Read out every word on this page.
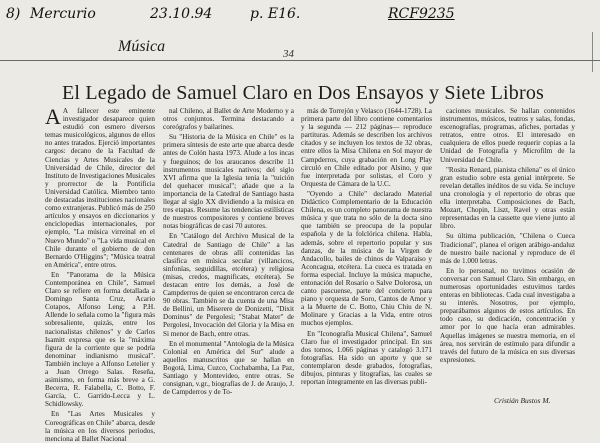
8) Mercurio	23.10.94	p. E16.	RCF9235
Música	34
El Legado de Samuel Claro en Dos Ensayos y Siete Libros

A A fallecer este eminente investigador desaparece quien estudió con esmero diversos temas musicológicos, algunos de ellos no antes tratados. Ejerció importantes cargos: decano de la Facultad de Ciencias y Artes Musicales de la Universidad de Chile, director del Instituto de Investigaciones Musicales y prorrector de la Pontificia Universidad Católica. Miembro tanto de destacadas instituciones nacionales como extranjeras. Publicó más de 250 artículos y ensayos en diccionarios y enciclopedias internacionales, por ejemplo, "La música virreinal en el Nuevo Mundo" o "La vida musical en Chile durante el gobierno de don Bernardo O'Higgins"; "Música teatral en América", entre otros.

En "Panorama de la Música Contemporánea en Chile", Samuel Claro se refiere en forma detallada a Domingo Santa Cruz, Acario Cotapos, Alfonso Leng; a P.H. Allende lo señala como la "figura más sobresaliente, quizás, entre los nacionalistas chilenos" y de Carlos Isamitt expresa que es la "máxima figura de la corriente que se podría denominar indianismo musical". También incluye a Alfonso Letelier y a Juan Orrego Salas. Reseña, asimismo, en forma más breve a G. Becerra, R. Falabella, C. Botto, F. García, C. Garrido-Lecca y L. Schidlowsky.

En "Las Artes Musicales y Coreográficas en Chile" abarca, desde la música en los diversos periodos, menciona al Ballet Nacional

nal Chileno, al Ballet de Arte Moderno y a otros conjuntos. Termina destacando a coreógrafos y bailarines.

Su "Historia de la Música en Chile" es la primera síntesis de este arte que abarca desde antes de Colón hasta 1973. Alude a los incas y fueguinos; de los araucanos describe 11 instrumentos musicales nativos; del siglo XVI afirma que la Iglesia tenía la "tuición del quehacer musical"; añade que a la importancia de la Catedral de Santiago hasta llegar al siglo XX dividiendo a la música en tres etapas. Resume las tendencias estilísticas de nuestros compositores y contiene breves notas biográficas de casi 70 autores.

En "Catálogo del Archivo Musical de la Catedral de Santiago de Chile" a las centenares de obras allí contenidas las clasifica en música secular (villancicos, sinfonías, seguidillas, etcétera) y religiosa (misas, credos, magnificats, etcétera). Se destacan entre los demás, a José de Campderros de quien se encontraron cerca de 90 obras. También se da cuenta de una Misa de Bellini, un Miserere de Donizetti, "Dixit Dominus" de Pergolesi; "Stabat Mater" de Pergolesi, Invocación del Gloria y la Misa en Si menor de Bach, entre otras.

En el monumental "Antología de la Música Colonial en América del Sur" alude a aquellos manuscritos que se hallan en Bogotá, Lima, Cuzco, Cochabamba, La Paz, Santiago y Montevideo, entre otras. Se consignan, v.gr., biografías de J. de Araujo, J. de Campderros y de To-

más de Torrejón y Velasco (1644-1728). La primera parte del libro contiene comentarios y la segunda — 212 páginas— reproduce partituras. Además se describen los archivos citados y se incluyen los textos de 32 obras, entre ellos la Misa Chilena en Sol mayor de Campderros, cuya grabación en Long Play circuló en Chile editado por Alsino, y que fue interpretada por solistas, el Coro y Orquesta de Cámara de la U.C.

"Oyendo a Chile" declarado Material Didáctico Complementario de la Educación Chilena, es un completo panorama de nuestra música y que trata no sólo de la docta sino que también se preocupa de la popular española y de la folclórica chilena. Habla, además, sobre el repertorio popular y sus danzas, de la música de la Virgen de Andacollo, bailes de chinos de Valparaíso y Aconcagua, etcétera. La cueca es tratada en forma especial. Incluye la música mapuche, entonación del Rosario o Salve Dolorosa, un canto pascuense, parte del concierto para piano y orquesta de Soro, Cantos de Amor y a la Muerte de C. Botto, Chiu Chiu de N. Molinare y Gracias a la Vida, entre otros muchos ejemplos.

En "Iconografía Musical Chilena", Samuel Claro fue el investigador principal. En sus dos tomos, 1.066 páginas y catalogó 3.171 fotografías. Ha sido un aporte y que se contemplaron desde grabados, fotografías, dibujos, pinturas y litografías, las cuales se reportan íntegramente en las diversas publi-

caciones musicales. Se hallan contenidos instrumentos, músicos, teatros y salas, fondas, escenografías, programas, afiches, portadas y retratos, entre otros. El interesado en cualquiera de ellos puede requerir copias a la Unidad de Fotografía y Microfilm de la Universidad de Chile.

"Rosita Renard, pianista chilena" es el único gran estudio sobre esta genial intérprete. Se revelan detalles inéditos de su vida. Se incluye una cronología y el repertorio de obras que ella interpretaba. Composiciones de Bach, Mozart, Chopin, Liszt, Ravel y otras están representadas en la cassette que viene junto al libro.

Su última publicación, "Chilena o Cueca Tradicional", planea el origen arábigo-andaluz de nuestro baile nacional y reproduce de él más de 1.000 letras.

En lo personal, no tuvimos ocasión de conversar con Samuel Claro. Sin embargo, en numerosas oportunidades estuvimos tardes enteras en bibliotecas. Cada cual investigaba a su interés. Nosotros, por ejemplo, preparábamos algunos de estos artículos. En todo caso, su dedicación, concentración y amor por lo que hacía eran admirables. Aquellas imágenes se nuestra memoria, en el área, nos servirán de estímulo para difundir a través del futuro de la música en sus diversas expresiones.

Cristián Bustos M.
